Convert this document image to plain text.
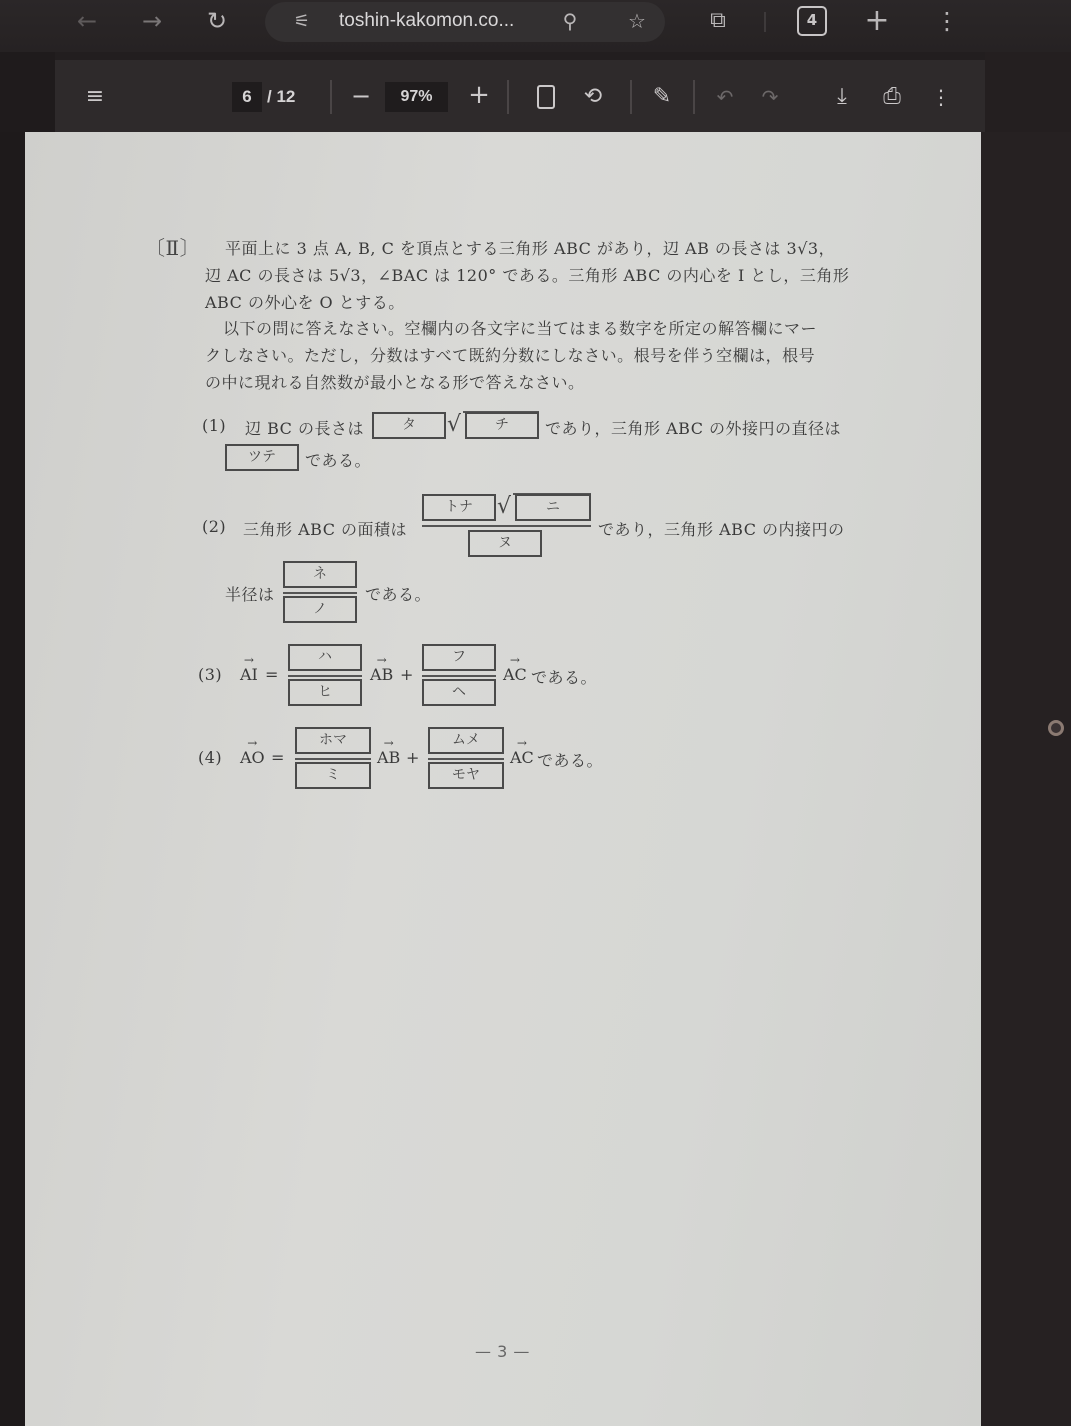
← → ↻	⚟	toshin-kakomon.co...	⚲	☆	⧉	4	+ ⋮
≡	6 / 12 −	97%	+	⟲ ✎ ↶ ↷	⤓	⎙	⋮
〔Ⅱ〕 平面上に 3 点 A, B, C を頂点とする三角形 ABC があり，辺 AB の長さは 3√3，
辺 AC の長さは 5√3，∠BAC は 120° である。三角形 ABC の内心を I とし，三角形
ABC の外心を O とする。
以下の問に答えなさい。空欄内の各文字に当てはまる数字を所定の解答欄にマー
クしなさい。ただし，分数はすべて既約分数にしなさい。根号を伴う空欄は，根号
の中に現れる自然数が最小となる形で答えなさい。
(1) 辺 BC の長さは	タ	√	チ	であり，三角形 ABC の外接円の直径は
ツテ	である。
(2) 三角形 ABC の面積は
トナ	√	ニ
ヌ
であり，三角形 ABC の内接円の
半径は
ネ
ノ
である。
(3)
→
AI =
ハ
ヒ
→
AB +
フ
ヘ
→
AC である。
(4)
→
AO =
ホマ
ミ
→
AB +
ムメ
モヤ
→
AC である。
— 3 —
